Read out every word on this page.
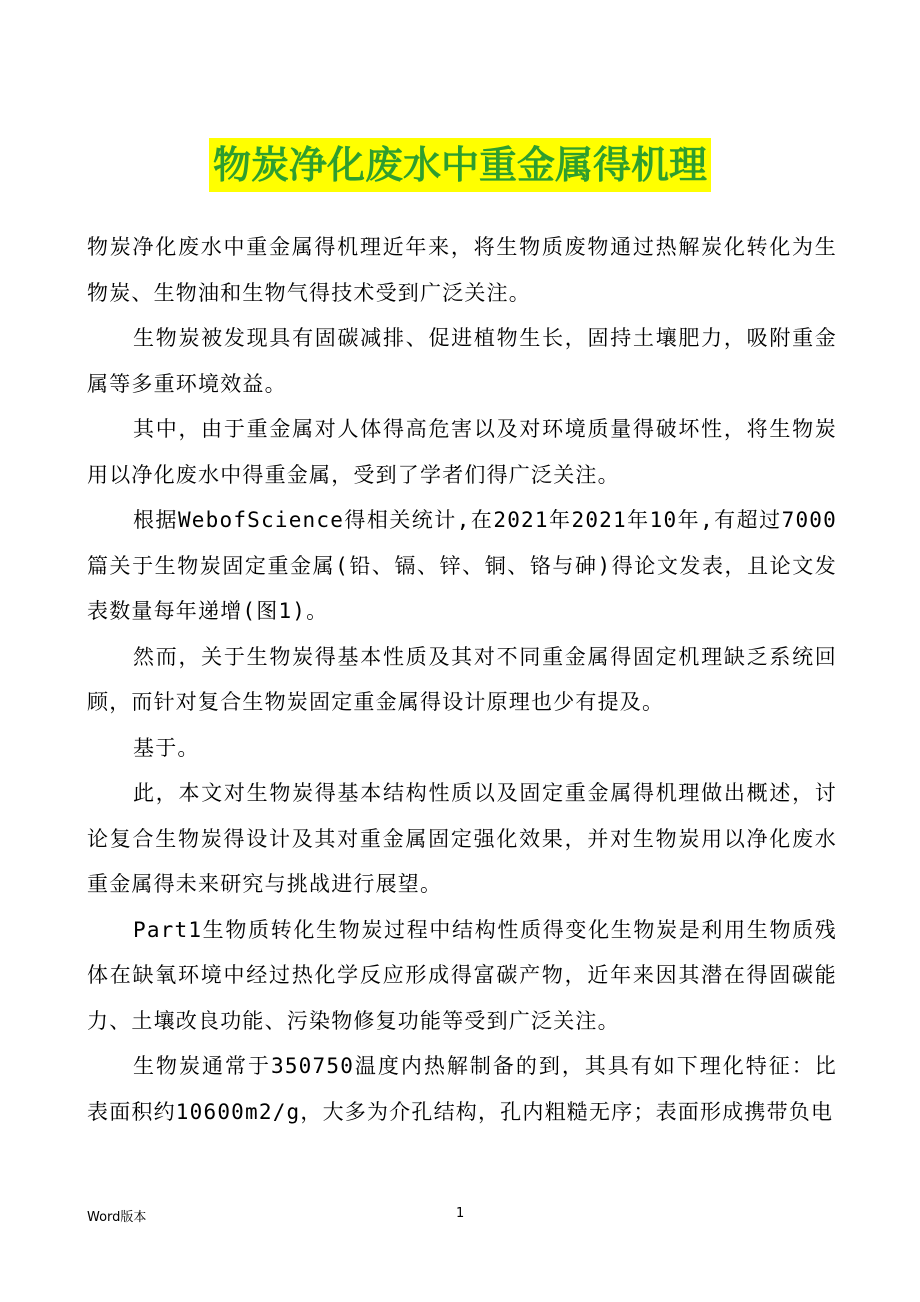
物炭净化废水中重金属得机理

物炭净化废水中重金属得机理近年来，将生物质废物通过热解炭化转化为生物炭、生物油和生物气得技术受到广泛关注。

生物炭被发现具有固碳减排、促进植物生长，固持土壤肥力，吸附重金属等多重环境效益。

其中，由于重金属对人体得高危害以及对环境质量得破坏性，将生物炭用以净化废水中得重金属，受到了学者们得广泛关注。

根据WebofScience得相关统计,在2021年2021年10年,有超过7000篇关于生物炭固定重金属(铅、镉、锌、铜、铬与砷)得论文发表，且论文发表数量每年递增(图1)。

然而，关于生物炭得基本性质及其对不同重金属得固定机理缺乏系统回顾，而针对复合生物炭固定重金属得设计原理也少有提及。

基于。

此，本文对生物炭得基本结构性质以及固定重金属得机理做出概述，讨论复合生物炭得设计及其对重金属固定强化效果，并对生物炭用以净化废水重金属得未来研究与挑战进行展望。

Part1生物质转化生物炭过程中结构性质得变化生物炭是利用生物质残体在缺氧环境中经过热化学反应形成得富碳产物，近年来因其潜在得固碳能力、土壤改良功能、污染物修复功能等受到广泛关注。

生物炭通常于350750温度内热解制备的到，其具有如下理化特征：比表面积约10600m2/g，大多为介孔结构，孔内粗糙无序；表面形成携带负电

Word版本	1
